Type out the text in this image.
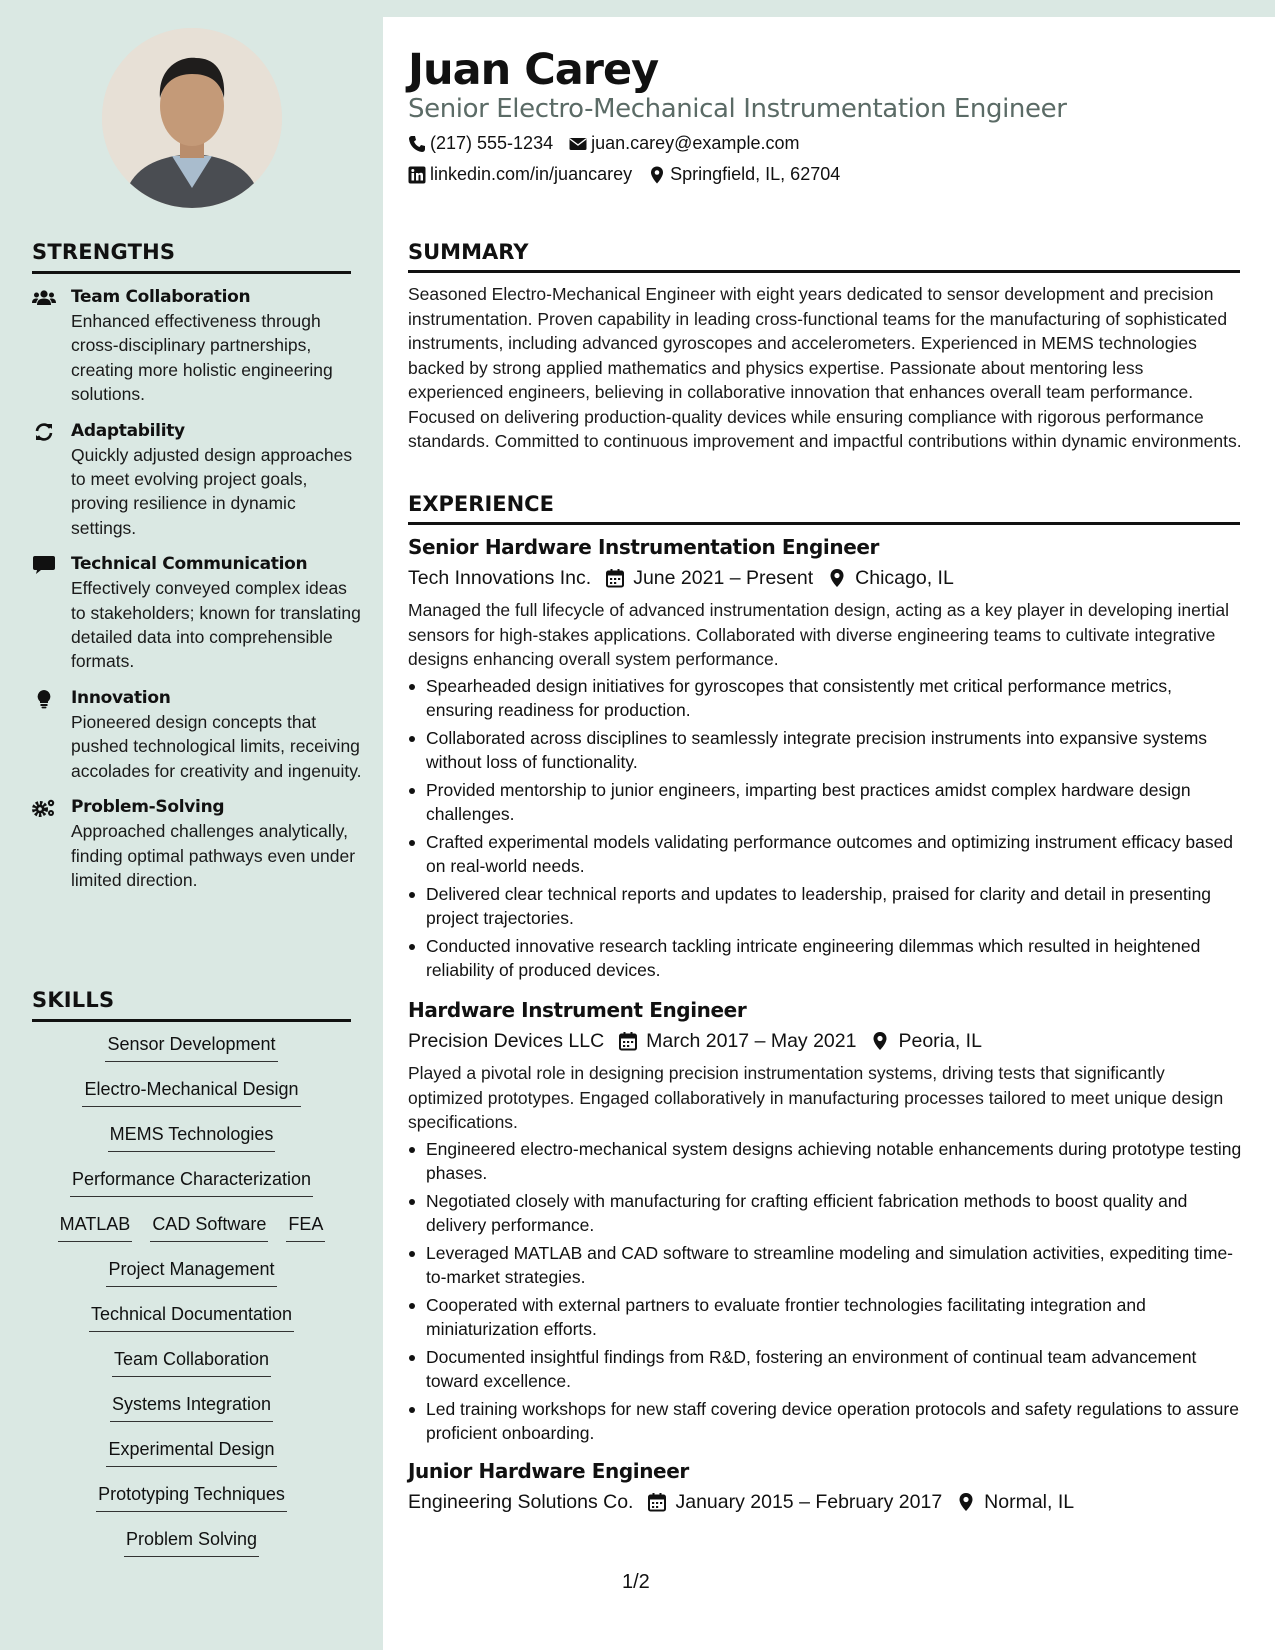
STRENGTHS
Team Collaboration
Enhanced effectiveness through cross-disciplinary partnerships, creating more holistic engineering solutions.
Adaptability
Quickly adjusted design approaches to meet evolving project goals, proving resilience in dynamic settings.
Technical Communication
Effectively conveyed complex ideas to stakeholders; known for translating detailed data into comprehensible formats.
Innovation
Pioneered design concepts that pushed technological limits, receiving accolades for creativity and ingenuity.
Problem-Solving
Approached challenges analytically, finding optimal pathways even under limited direction.
SKILLS
Sensor Development
Electro-Mechanical Design
MEMS Technologies
Performance Characterization
MATLAB CAD Software FEA
Project Management
Technical Documentation
Team Collaboration
Systems Integration
Experimental Design
Prototyping Techniques
Problem Solving
Juan Carey
Senior Electro-Mechanical Instrumentation Engineer
(217) 555-1234 juan.carey@example.com
linkedin.com/in/juancarey Springfield, IL, 62704
SUMMARY
Seasoned Electro-Mechanical Engineer with eight years dedicated to sensor development and precision instrumentation. Proven capability in leading cross-functional teams for the manufacturing of sophisticated instruments, including advanced gyroscopes and accelerometers. Experienced in MEMS technologies backed by strong applied mathematics and physics expertise. Passionate about mentoring less experienced engineers, believing in collaborative innovation that enhances overall team performance. Focused on delivering production-quality devices while ensuring compliance with rigorous performance standards. Committed to continuous improvement and impactful contributions within dynamic environments.
EXPERIENCE
Senior Hardware Instrumentation Engineer
Tech Innovations Inc. June 2021 – Present Chicago, IL
Managed the full lifecycle of advanced instrumentation design, acting as a key player in developing inertial sensors for high-stakes applications. Collaborated with diverse engineering teams to cultivate integrative designs enhancing overall system performance.
Spearheaded design initiatives for gyroscopes that consistently met critical performance metrics, ensuring readiness for production.
Collaborated across disciplines to seamlessly integrate precision instruments into expansive systems without loss of functionality.
Provided mentorship to junior engineers, imparting best practices amidst complex hardware design challenges.
Crafted experimental models validating performance outcomes and optimizing instrument efficacy based on real-world needs.
Delivered clear technical reports and updates to leadership, praised for clarity and detail in presenting project trajectories.
Conducted innovative research tackling intricate engineering dilemmas which resulted in heightened reliability of produced devices.
Hardware Instrument Engineer
Precision Devices LLC March 2017 – May 2021 Peoria, IL
Played a pivotal role in designing precision instrumentation systems, driving tests that significantly optimized prototypes. Engaged collaboratively in manufacturing processes tailored to meet unique design specifications.
Engineered electro-mechanical system designs achieving notable enhancements during prototype testing phases.
Negotiated closely with manufacturing for crafting efficient fabrication methods to boost quality and delivery performance.
Leveraged MATLAB and CAD software to streamline modeling and simulation activities, expediting time-to-market strategies.
Cooperated with external partners to evaluate frontier technologies facilitating integration and miniaturization efforts.
Documented insightful findings from R&D, fostering an environment of continual team advancement toward excellence.
Led training workshops for new staff covering device operation protocols and safety regulations to assure proficient onboarding.
Junior Hardware Engineer
Engineering Solutions Co. January 2015 – February 2017 Normal, IL
1/2
